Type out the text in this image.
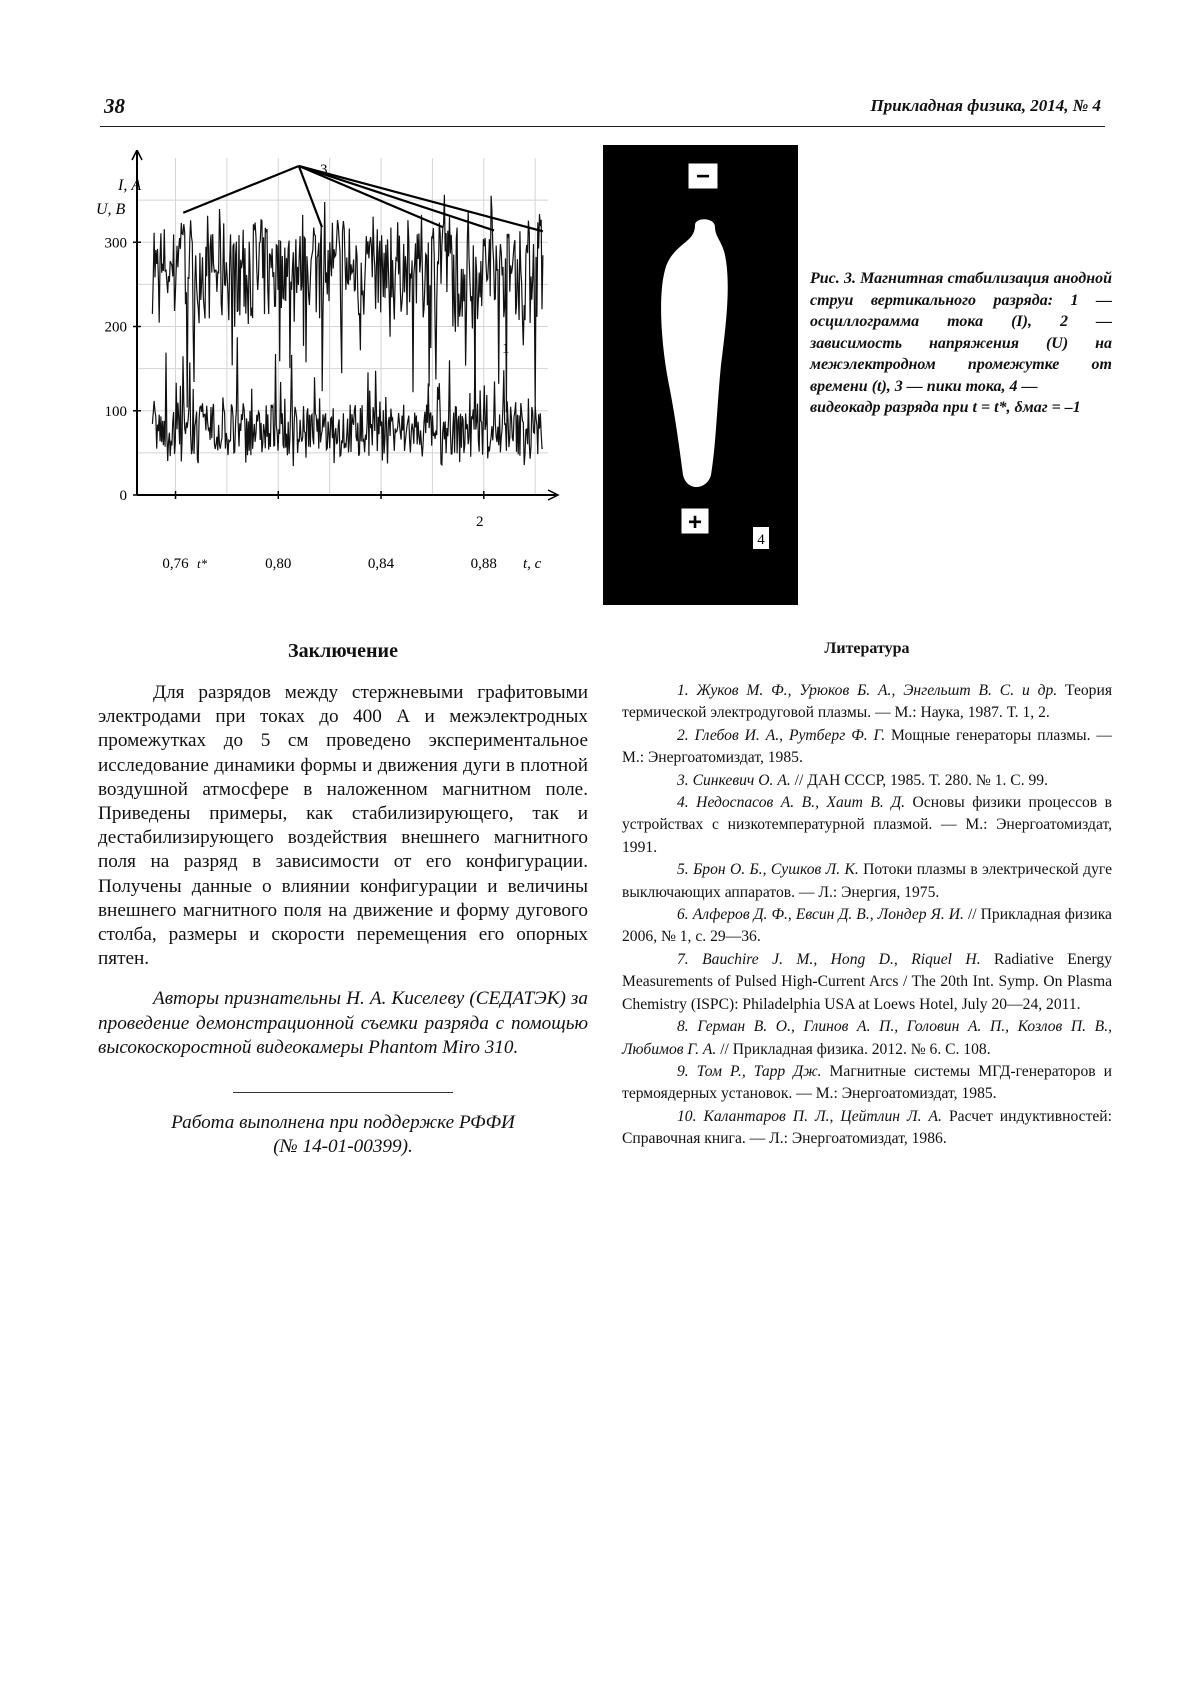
38	Прикладная физика, 2014, № 4
300
200
100
0
0,76	0,80	0,84	0,88
I, А
U, В
t, с
t*
3
1
2
−
+
4
Рис. 3. Магнитная стабилизация анодной струи вертикального разряда: 1 — осциллограмма тока (I), 2 — зависимость напряжения (U) на межэлектродном промежутке от времени (t), 3 — пики тока, 4 —
видеокадр разряда при t = t*, δмаг = –1

Заключение

Для разрядов между стержневыми графитовыми электродами при токах до 400 А и межэлектродных промежутках до 5 см проведено экспериментальное исследование динамики формы и движения дуги в плотной воздушной атмосфере в наложенном магнитном поле. Приведены примеры, как стабилизирующего, так и дестабилизирующего воздействия внешнего магнитного поля на разряд в зависимости от его конфигурации. Получены данные о влиянии конфигурации и величины внешнего магнитного поля на движение и форму дугового столба, размеры и скорости перемещения его опорных пятен.

Авторы признательны Н. А. Киселеву (СЕДАТЭК) за проведение демонстрационной съемки разряда с помощью высокоскоростной видеокамеры Phantom Miro 310.

Работа выполнена при поддержке РФФИ

(№ 14-01-00399).

Литература

1. Жуков М. Ф., Урюков Б. А., Энгельшт В. С. и др. Теория термической электродуговой плазмы. — М.: Наука, 1987. Т. 1, 2.

2. Глебов И. А., Рутберг Ф. Г. Мощные генераторы плазмы. — М.: Энергоатомиздат, 1985.

3. Синкевич О. А. // ДАН СССР, 1985. Т. 280. № 1. С. 99.

4. Недоспасов А. В., Хаит В. Д. Основы физики процессов в устройствах с низкотемпературной плазмой. — М.: Энергоатомиздат, 1991.

5. Брон О. Б., Сушков Л. К. Потоки плазмы в электрической дуге выключающих аппаратов. — Л.: Энергия, 1975.

6. Алферов Д. Ф., Евсин Д. В., Лондер Я. И. // Прикладная физика 2006, № 1, с. 29—36.

7. Bauchire J. M., Hong D., Riquel H. Radiative Energy Measurements of Pulsed High-Current Arcs / The 20th Int. Symp. On Plasma Chemistry (ISPC): Philadelphia USA at Loews Hotel, July 20—24, 2011.

8. Герман В. О., Глинов А. П., Головин А. П., Козлов П. В., Любимов Г. А. // Прикладная физика. 2012. № 6. С. 108.

9. Том Р., Тарр Дж. Магнитные системы МГД-генераторов и термоядерных установок. — М.: Энергоатомиздат, 1985.

10. Калантаров П. Л., Цейтлин Л. А. Расчет индуктивностей: Справочная книга. — Л.: Энергоатомиздат, 1986.
